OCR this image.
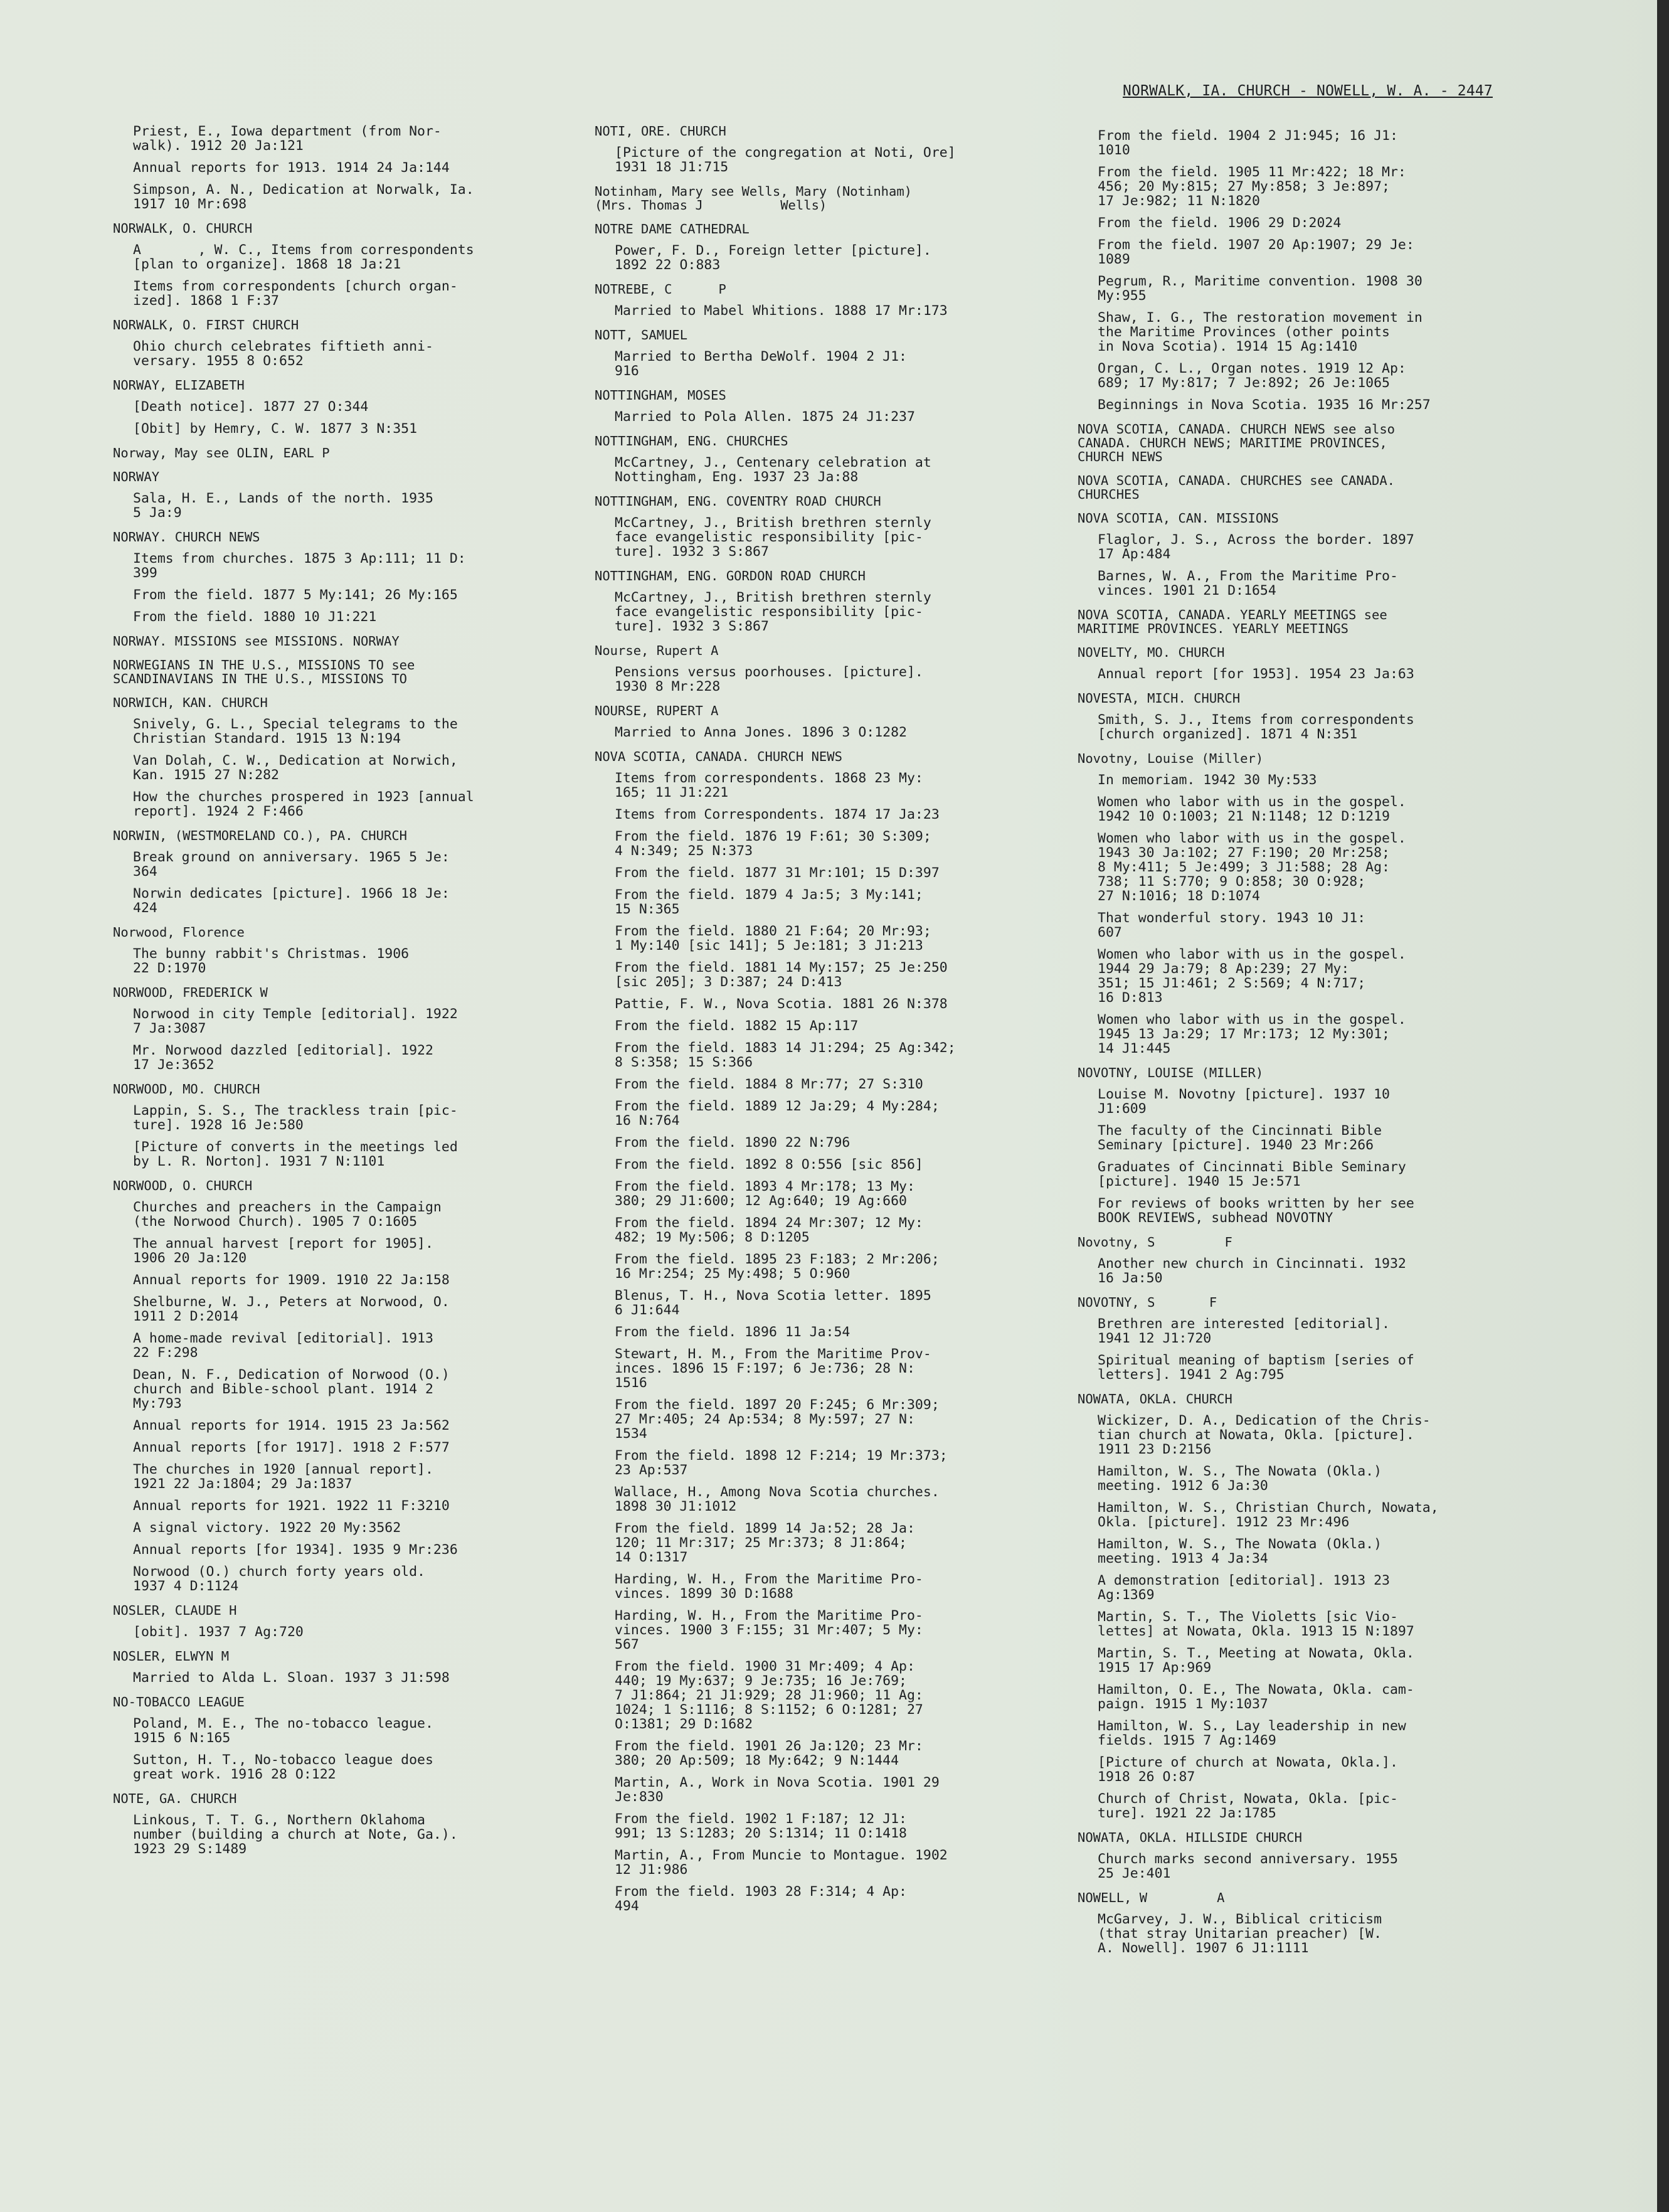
NORWALK, IA. CHURCH - NOWELL, W. A. - 2447
Priest, E., Iowa department (from Nor-
walk). 1912 20 Ja:121
Annual reports for 1913. 1914 24 Ja:144
Simpson, A. N., Dedication at Norwalk, Ia.
1917 10 Mr:698
NORWALK, O. CHURCH
A       , W. C., Items from correspondents
[plan to organize]. 1868 18 Ja:21
Items from correspondents [church organ-
ized]. 1868 1 F:37
NORWALK, O. FIRST CHURCH
Ohio church celebrates fiftieth anni-
versary. 1955 8 O:652
NORWAY, ELIZABETH
[Death notice]. 1877 27 O:344
[Obit] by Hemry, C. W. 1877 3 N:351
Norway, May see OLIN, EARL P
NORWAY
Sala, H. E., Lands of the north. 1935
5 Ja:9
NORWAY. CHURCH NEWS
Items from churches. 1875 3 Ap:111; 11 D:
399
From the field. 1877 5 My:141; 26 My:165
From the field. 1880 10 J1:221
NORWAY. MISSIONS see MISSIONS. NORWAY
NORWEGIANS IN THE U.S., MISSIONS TO see
SCANDINAVIANS IN THE U.S., MISSIONS TO
NORWICH, KAN. CHURCH
Snively, G. L., Special telegrams to the
Christian Standard. 1915 13 N:194
Van Dolah, C. W., Dedication at Norwich,
Kan. 1915 27 N:282
How the churches prospered in 1923 [annual
report]. 1924 2 F:466
NORWIN, (WESTMORELAND CO.), PA. CHURCH
Break ground on anniversary. 1965 5 Je:
364
Norwin dedicates [picture]. 1966 18 Je:
424
Norwood, Florence
The bunny rabbit's Christmas. 1906
22 D:1970
NORWOOD, FREDERICK W
Norwood in city Temple [editorial]. 1922
7 Ja:3087
Mr. Norwood dazzled [editorial]. 1922
17 Je:3652
NORWOOD, MO. CHURCH
Lappin, S. S., The trackless train [pic-
ture]. 1928 16 Je:580
[Picture of converts in the meetings led
by L. R. Norton]. 1931 7 N:1101
NORWOOD, O. CHURCH
Churches and preachers in the Campaign
(the Norwood Church). 1905 7 O:1605
The annual harvest [report for 1905].
1906 20 Ja:120
Annual reports for 1909. 1910 22 Ja:158
Shelburne, W. J., Peters at Norwood, O.
1911 2 D:2014
A home-made revival [editorial]. 1913
22 F:298
Dean, N. F., Dedication of Norwood (O.)
church and Bible-school plant. 1914 2
My:793
Annual reports for 1914. 1915 23 Ja:562
Annual reports [for 1917]. 1918 2 F:577
The churches in 1920 [annual report].
1921 22 Ja:1804; 29 Ja:1837
Annual reports for 1921. 1922 11 F:3210
A signal victory. 1922 20 My:3562
Annual reports [for 1934]. 1935 9 Mr:236
Norwood (O.) church forty years old.
1937 4 D:1124
NOSLER, CLAUDE H
[obit]. 1937 7 Ag:720
NOSLER, ELWYN M
Married to Alda L. Sloan. 1937 3 J1:598
NO-TOBACCO LEAGUE
Poland, M. E., The no-tobacco league.
1915 6 N:165
Sutton, H. T., No-tobacco league does
great work. 1916 28 O:122
NOTE, GA. CHURCH
Linkous, T. T. G., Northern Oklahoma
number (building a church at Note, Ga.).
1923 29 S:1489
NOTI, ORE. CHURCH
[Picture of the congregation at Noti, Ore]
1931 18 J1:715
Notinham, Mary see Wells, Mary (Notinham)
(Mrs. Thomas J          Wells)
NOTRE DAME CATHEDRAL
Power, F. D., Foreign letter [picture].
1892 22 O:883
NOTREBE, C      P
Married to Mabel Whitions. 1888 17 Mr:173
NOTT, SAMUEL
Married to Bertha DeWolf. 1904 2 J1:
916
NOTTINGHAM, MOSES
Married to Pola Allen. 1875 24 J1:237
NOTTINGHAM, ENG. CHURCHES
McCartney, J., Centenary celebration at
Nottingham, Eng. 1937 23 Ja:88
NOTTINGHAM, ENG. COVENTRY ROAD CHURCH
McCartney, J., British brethren sternly
face evangelistic responsibility [pic-
ture]. 1932 3 S:867
NOTTINGHAM, ENG. GORDON ROAD CHURCH
McCartney, J., British brethren sternly
face evangelistic responsibility [pic-
ture]. 1932 3 S:867
Nourse, Rupert A
Pensions versus poorhouses. [picture].
1930 8 Mr:228
NOURSE, RUPERT A
Married to Anna Jones. 1896 3 O:1282
NOVA SCOTIA, CANADA. CHURCH NEWS
Items from correspondents. 1868 23 My:
165; 11 J1:221
Items from Correspondents. 1874 17 Ja:23
From the field. 1876 19 F:61; 30 S:309;
4 N:349; 25 N:373
From the field. 1877 31 Mr:101; 15 D:397
From the field. 1879 4 Ja:5; 3 My:141;
15 N:365
From the field. 1880 21 F:64; 20 Mr:93;
1 My:140 [sic 141]; 5 Je:181; 3 J1:213
From the field. 1881 14 My:157; 25 Je:250
[sic 205]; 3 D:387; 24 D:413
Pattie, F. W., Nova Scotia. 1881 26 N:378
From the field. 1882 15 Ap:117
From the field. 1883 14 J1:294; 25 Ag:342;
8 S:358; 15 S:366
From the field. 1884 8 Mr:77; 27 S:310
From the field. 1889 12 Ja:29; 4 My:284;
16 N:764
From the field. 1890 22 N:796
From the field. 1892 8 O:556 [sic 856]
From the field. 1893 4 Mr:178; 13 My:
380; 29 J1:600; 12 Ag:640; 19 Ag:660
From the field. 1894 24 Mr:307; 12 My:
482; 19 My:506; 8 D:1205
From the field. 1895 23 F:183; 2 Mr:206;
16 Mr:254; 25 My:498; 5 O:960
Blenus, T. H., Nova Scotia letter. 1895
6 J1:644
From the field. 1896 11 Ja:54
Stewart, H. M., From the Maritime Prov-
inces. 1896 15 F:197; 6 Je:736; 28 N:
1516
From the field. 1897 20 F:245; 6 Mr:309;
27 Mr:405; 24 Ap:534; 8 My:597; 27 N:
1534
From the field. 1898 12 F:214; 19 Mr:373;
23 Ap:537
Wallace, H., Among Nova Scotia churches.
1898 30 J1:1012
From the field. 1899 14 Ja:52; 28 Ja:
120; 11 Mr:317; 25 Mr:373; 8 J1:864;
14 O:1317
Harding, W. H., From the Maritime Pro-
vinces. 1899 30 D:1688
Harding, W. H., From the Maritime Pro-
vinces. 1900 3 F:155; 31 Mr:407; 5 My:
567
From the field. 1900 31 Mr:409; 4 Ap:
440; 19 My:637; 9 Je:735; 16 Je:769;
7 J1:864; 21 J1:929; 28 J1:960; 11 Ag:
1024; 1 S:1116; 8 S:1152; 6 O:1281; 27
O:1381; 29 D:1682
From the field. 1901 26 Ja:120; 23 Mr:
380; 20 Ap:509; 18 My:642; 9 N:1444
Martin, A., Work in Nova Scotia. 1901 29
Je:830
From the field. 1902 1 F:187; 12 J1:
991; 13 S:1283; 20 S:1314; 11 O:1418
Martin, A., From Muncie to Montague. 1902
12 J1:986
From the field. 1903 28 F:314; 4 Ap:
494
From the field. 1904 2 J1:945; 16 J1:
1010
From the field. 1905 11 Mr:422; 18 Mr:
456; 20 My:815; 27 My:858; 3 Je:897;
17 Je:982; 11 N:1820
From the field. 1906 29 D:2024
From the field. 1907 20 Ap:1907; 29 Je:
1089
Pegrum, R., Maritime convention. 1908 30
My:955
Shaw, I. G., The restoration movement in
the Maritime Provinces (other points
in Nova Scotia). 1914 15 Ag:1410
Organ, C. L., Organ notes. 1919 12 Ap:
689; 17 My:817; 7 Je:892; 26 Je:1065
Beginnings in Nova Scotia. 1935 16 Mr:257
NOVA SCOTIA, CANADA. CHURCH NEWS see also
CANADA. CHURCH NEWS; MARITIME PROVINCES,
CHURCH NEWS
NOVA SCOTIA, CANADA. CHURCHES see CANADA.
CHURCHES
NOVA SCOTIA, CAN. MISSIONS
Flaglor, J. S., Across the border. 1897
17 Ap:484
Barnes, W. A., From the Maritime Pro-
vinces. 1901 21 D:1654
NOVA SCOTIA, CANADA. YEARLY MEETINGS see
MARITIME PROVINCES. YEARLY MEETINGS
NOVELTY, MO. CHURCH
Annual report [for 1953]. 1954 23 Ja:63
NOVESTA, MICH. CHURCH
Smith, S. J., Items from correspondents
[church organized]. 1871 4 N:351
Novotny, Louise (Miller)
In memoriam. 1942 30 My:533
Women who labor with us in the gospel.
1942 10 O:1003; 21 N:1148; 12 D:1219
Women who labor with us in the gospel.
1943 30 Ja:102; 27 F:190; 20 Mr:258;
8 My:411; 5 Je:499; 3 J1:588; 28 Ag:
738; 11 S:770; 9 O:858; 30 O:928;
27 N:1016; 18 D:1074
That wonderful story. 1943 10 J1:
607
Women who labor with us in the gospel.
1944 29 Ja:79; 8 Ap:239; 27 My:
351; 15 J1:461; 2 S:569; 4 N:717;
16 D:813
Women who labor with us in the gospel.
1945 13 Ja:29; 17 Mr:173; 12 My:301;
14 J1:445
NOVOTNY, LOUISE (MILLER)
Louise M. Novotny [picture]. 1937 10
J1:609
The faculty of the Cincinnati Bible
Seminary [picture]. 1940 23 Mr:266
Graduates of Cincinnati Bible Seminary
[picture]. 1940 15 Je:571
For reviews of books written by her see
BOOK REVIEWS, subhead NOVOTNY
Novotny, S         F
Another new church in Cincinnati. 1932
16 Ja:50
NOVOTNY, S       F
Brethren are interested [editorial].
1941 12 J1:720
Spiritual meaning of baptism [series of
letters]. 1941 2 Ag:795
NOWATA, OKLA. CHURCH
Wickizer, D. A., Dedication of the Chris-
tian church at Nowata, Okla. [picture].
1911 23 D:2156
Hamilton, W. S., The Nowata (Okla.)
meeting. 1912 6 Ja:30
Hamilton, W. S., Christian Church, Nowata,
Okla. [picture]. 1912 23 Mr:496
Hamilton, W. S., The Nowata (Okla.)
meeting. 1913 4 Ja:34
A demonstration [editorial]. 1913 23
Ag:1369
Martin, S. T., The Violetts [sic Vio-
lettes] at Nowata, Okla. 1913 15 N:1897
Martin, S. T., Meeting at Nowata, Okla.
1915 17 Ap:969
Hamilton, O. E., The Nowata, Okla. cam-
paign. 1915 1 My:1037
Hamilton, W. S., Lay leadership in new
fields. 1915 7 Ag:1469
[Picture of church at Nowata, Okla.].
1918 26 O:87
Church of Christ, Nowata, Okla. [pic-
ture]. 1921 22 Ja:1785
NOWATA, OKLA. HILLSIDE CHURCH
Church marks second anniversary. 1955
25 Je:401
NOWELL, W         A
McGarvey, J. W., Biblical criticism
(that stray Unitarian preacher) [W.
A. Nowell]. 1907 6 J1:1111
